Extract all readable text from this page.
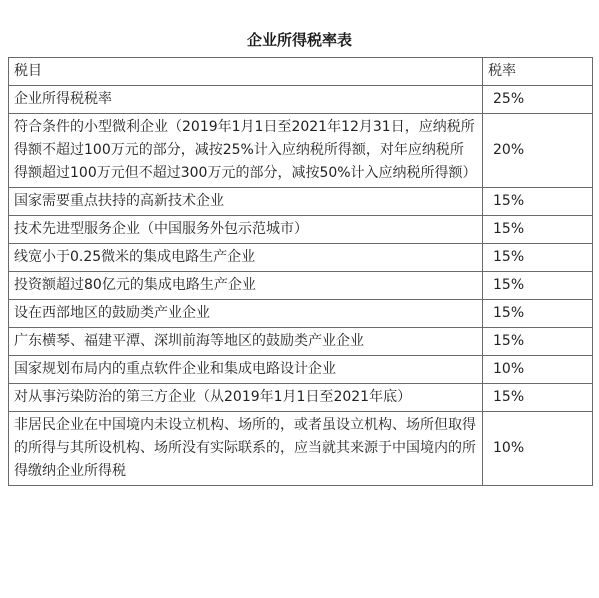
企业所得税率表
税目	税率
企业所得税税率	25%
符合条件的小型微利企业（2019年1月1日至2021年12月31日，应纳税所得额不超过100万元的部分，减按25%计入应纳税所得额，对年应纳税所得额超过100万元但不超过300万元的部分，减按50%计入应纳税所得额）	20%
国家需要重点扶持的高新技术企业	15%
技术先进型服务企业（中国服务外包示范城市）	15%
线宽小于0.25微米的集成电路生产企业	15%
投资额超过80亿元的集成电路生产企业	15%
设在西部地区的鼓励类产业企业	15%
广东横琴、福建平潭、深圳前海等地区的鼓励类产业企业	15%
国家规划布局内的重点软件企业和集成电路设计企业	10%
对从事污染防治的第三方企业（从2019年1月1日至2021年底）	15%
非居民企业在中国境内未设立机构、场所的，或者虽设立机构、场所但取得的所得与其所设机构、场所没有实际联系的，应当就其来源于中国境内的所得缴纳企业所得税	10%
